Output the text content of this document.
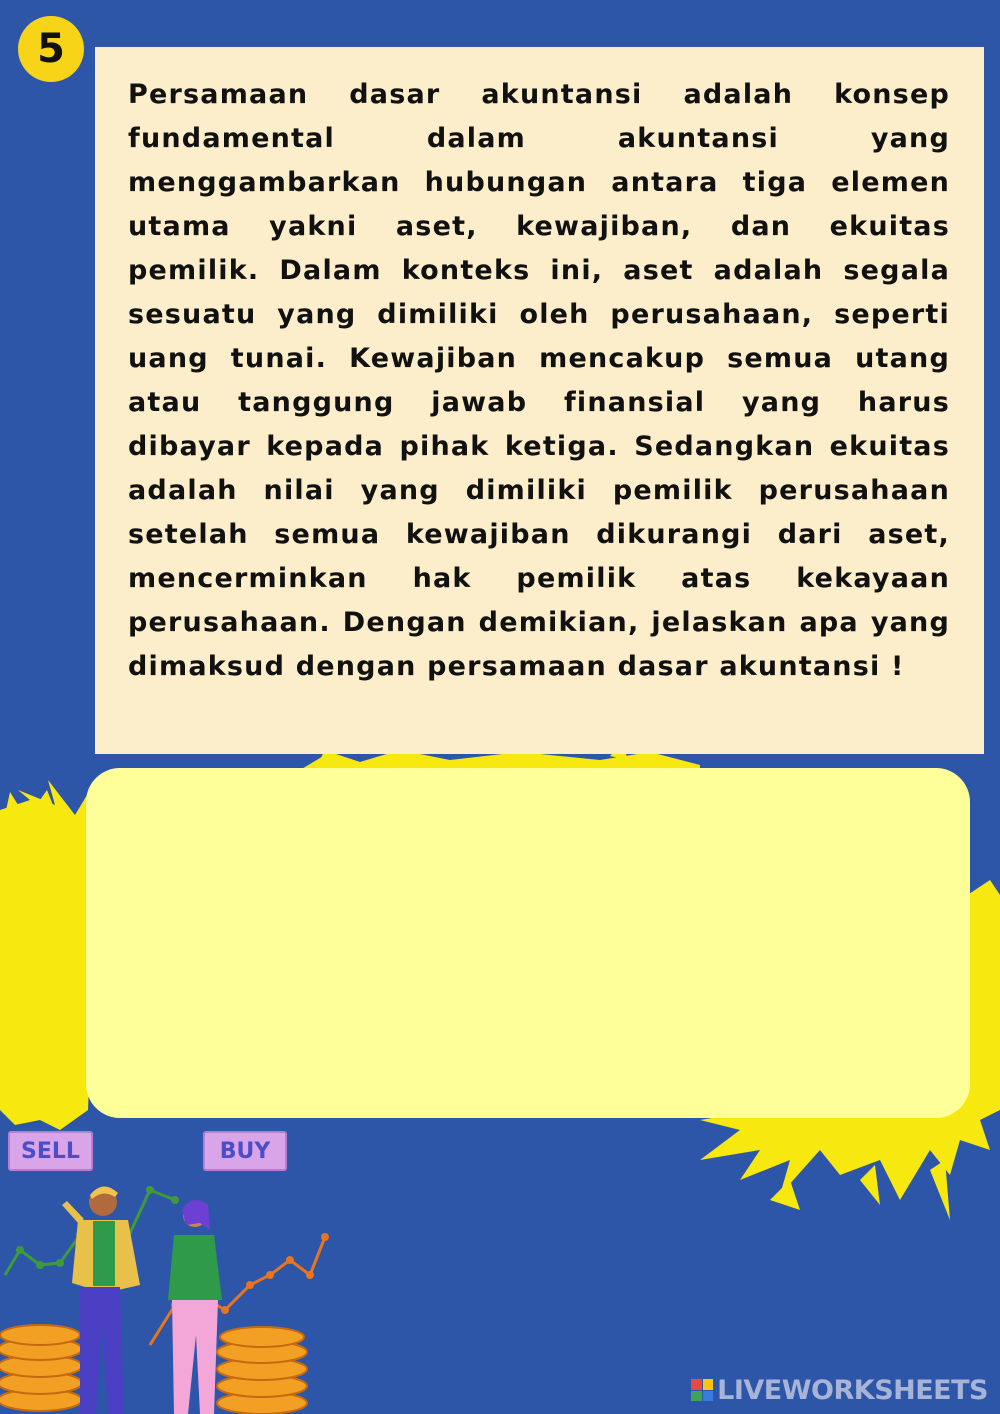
5

Persamaan dasar akuntansi adalah konsep fundamental dalam akuntansi yang menggambarkan hubungan antara tiga elemen utama yakni aset, kewajiban, dan ekuitas pemilik. Dalam konteks ini, aset adalah segala sesuatu yang dimiliki oleh perusahaan, seperti uang tunai. Kewajiban mencakup semua utang atau tanggung jawab finansial yang harus dibayar kepada pihak ketiga. Sedangkan ekuitas adalah nilai yang dimiliki pemilik perusahaan setelah semua kewajiban dikurangi dari aset, mencerminkan hak pemilik atas kekayaan perusahaan. Dengan demikian, jelaskan apa yang dimaksud dengan persamaan dasar akuntansi !

SELL	BUY
LIVEWORKSHEETS
